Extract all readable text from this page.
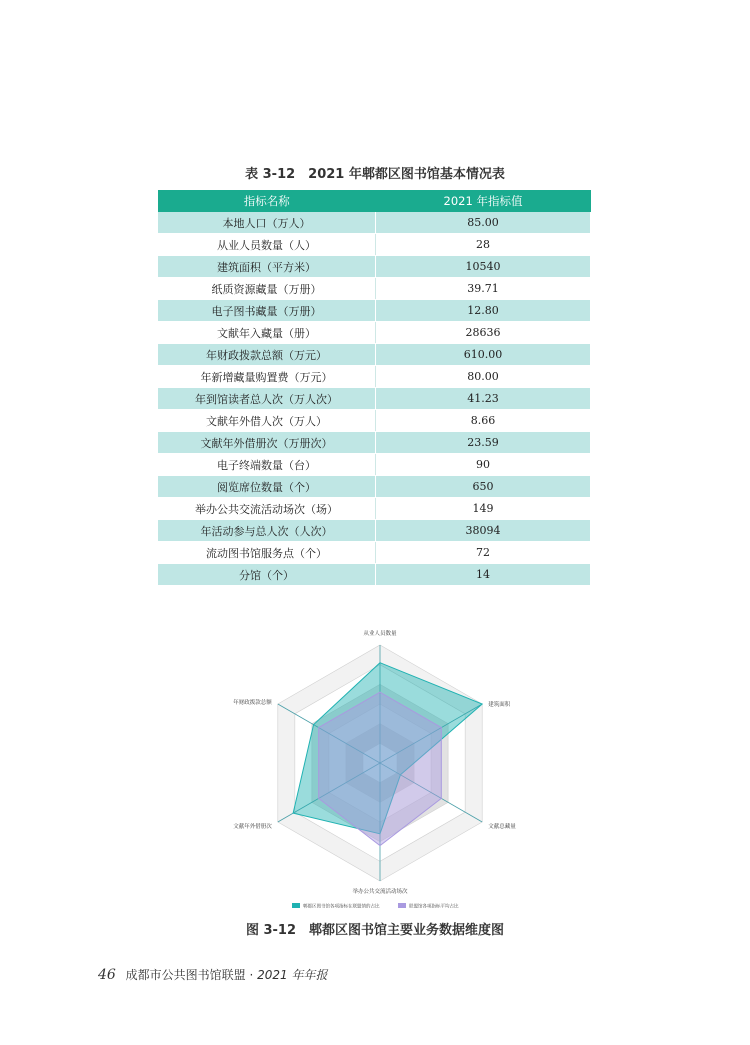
表 3-12　2021 年郫都区图书馆基本情况表
指标名称	2021 年指标值
本地人口（万人）	85.00
从业人员数量（人）	28
建筑面积（平方米）	10540
纸质资源藏量（万册）	39.71
电子图书藏量（万册）	12.80
文献年入藏量（册）	28636
年财政拨款总额（万元）	610.00
年新增藏量购置费（万元）	80.00
年到馆读者总人次（万人次）	41.23
文献年外借人次（万人）	8.66
文献年外借册次（万册次）	23.59
电子终端数量（台）	90
阅览席位数量（个）	650
举办公共交流活动场次（场）	149
年活动参与总人次（人次）	38094
流动图书馆服务点（个）	72
分馆（个）	14
从业人员数量
建筑面积
文献总藏量
举办公共交流活动场次
文献年外借册次
年财政拨款总额
郫都区图书馆各项指标在联盟情的占比	联盟馆各项指标平均占比
图 3-12　郫都区图书馆主要业务数据维度图
46 成都市公共图书馆联盟 · 2021 年年报
